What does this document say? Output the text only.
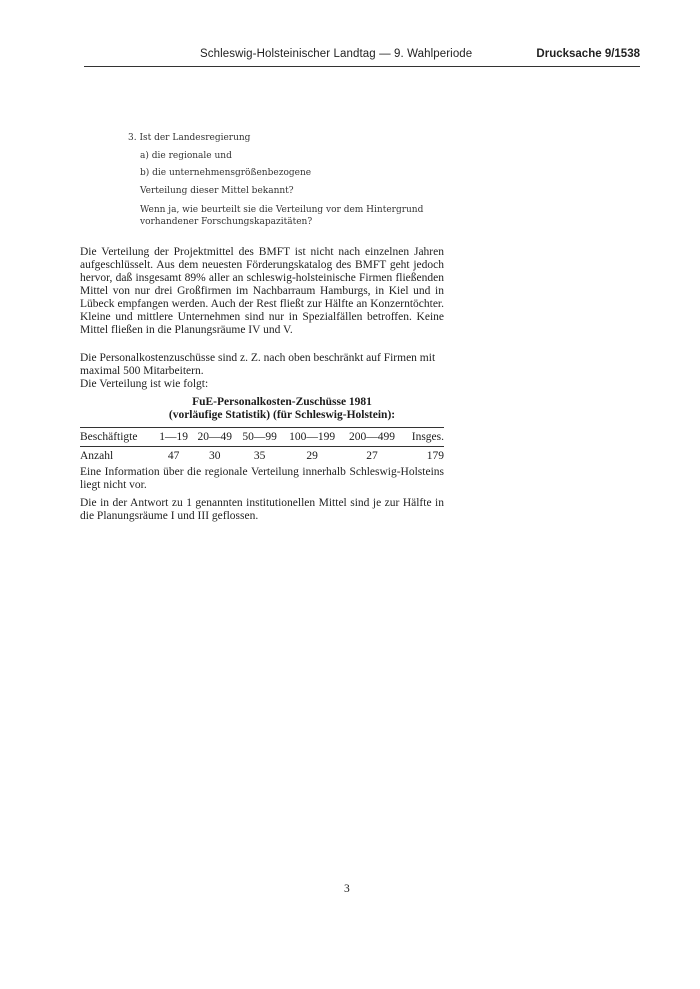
Schleswig-Holsteinischer Landtag — 9. Wahlperiode	Drucksache 9/1538
3. Ist der Landesregierung
a) die regionale und
b) die unternehmensgrößenbezogene
Verteilung dieser Mittel bekannt?
Wenn ja, wie beurteilt sie die Verteilung vor dem Hintergrund vorhandener Forschungskapazitäten?
Die Verteilung der Projektmittel des BMFT ist nicht nach einzelnen Jahren aufgeschlüsselt. Aus dem neuesten Förderungskatalog des BMFT geht jedoch hervor, daß insgesamt 89% aller an schleswig-holsteinische Firmen fließenden Mittel von nur drei Großfirmen im Nachbarraum Hamburgs, in Kiel und in Lübeck empfangen werden. Auch der Rest fließt zur Hälfte an Konzerntöchter. Kleine und mittlere Unternehmen sind nur in Spezialfällen betroffen. Keine Mittel fließen in die Planungsräume IV und V.
Die Personalkostenzuschüsse sind z. Z. nach oben beschränkt auf Firmen mit maximal 500 Mitarbeitern.
Die Verteilung ist wie folgt:
FuE-Personalkosten-Zuschüsse 1981
(vorläufige Statistik) (für Schleswig-Holstein):
Beschäftigte	1—19	20—49	50—99	100—199	200—499	Insges.
Anzahl	47	30	35	29	27	179
Eine Information über die regionale Verteilung innerhalb Schleswig-Holsteins liegt nicht vor.
Die in der Antwort zu 1 genannten institutionellen Mittel sind je zur Hälfte in die Planungsräume I und III geflossen.
3
